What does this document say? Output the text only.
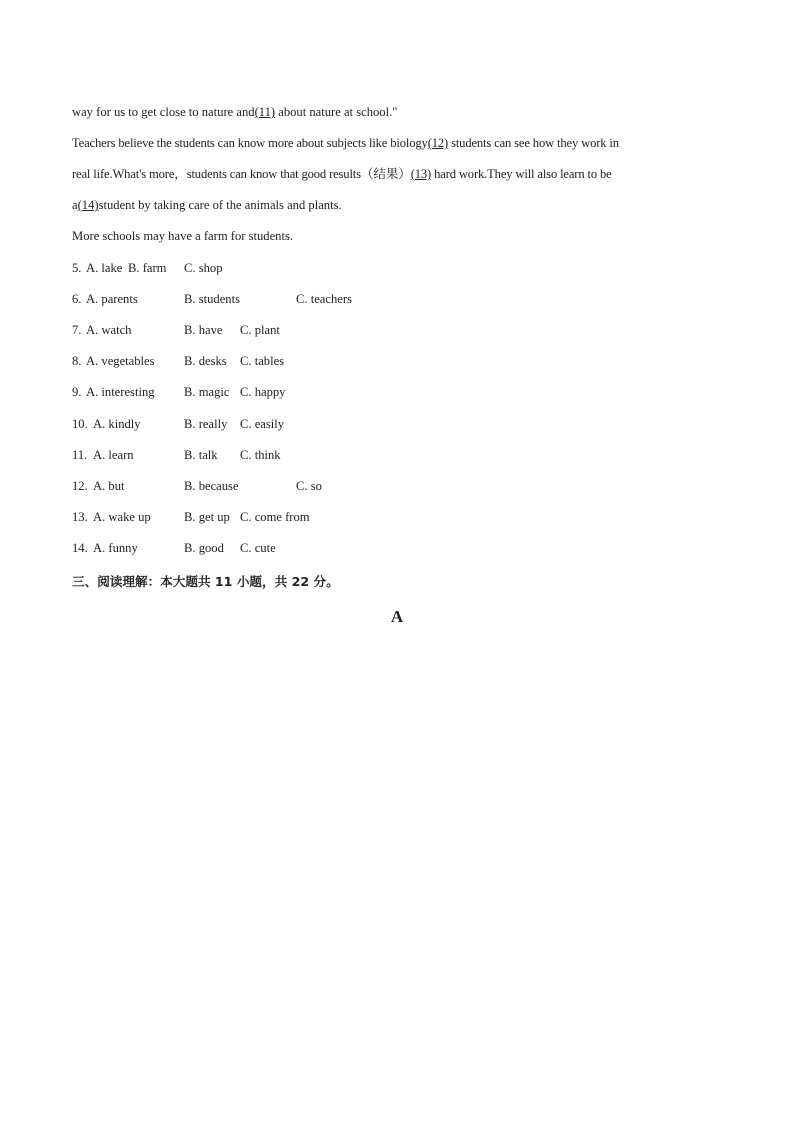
way for us to get close to nature and(11) about nature at school."
Teachers believe the students can know more about subjects like biology(12) students can see how they work in
real life.What's more，students can know that good results（结果）(13) hard work.They will also learn to be
a(14)student by taking care of the animals and plants.
More schools may have a farm for students.
5. A. lake B. farm C. shop
6. A. parents	B. students	C. teachers
7. A. watch	B. have C. plant
8. A. vegetables B. desks C. tables
9. A. interesting B. magic C. happy
10. A. kindly	B. really C. easily
11. A. learn	B. talk C. think
12. A. but	B. because	C. so
13. A. wake up	B. get up C. come from
14. A. funny	B. good C. cute
三、阅读理解：本大题共 11 小题，共 22 分。
A
